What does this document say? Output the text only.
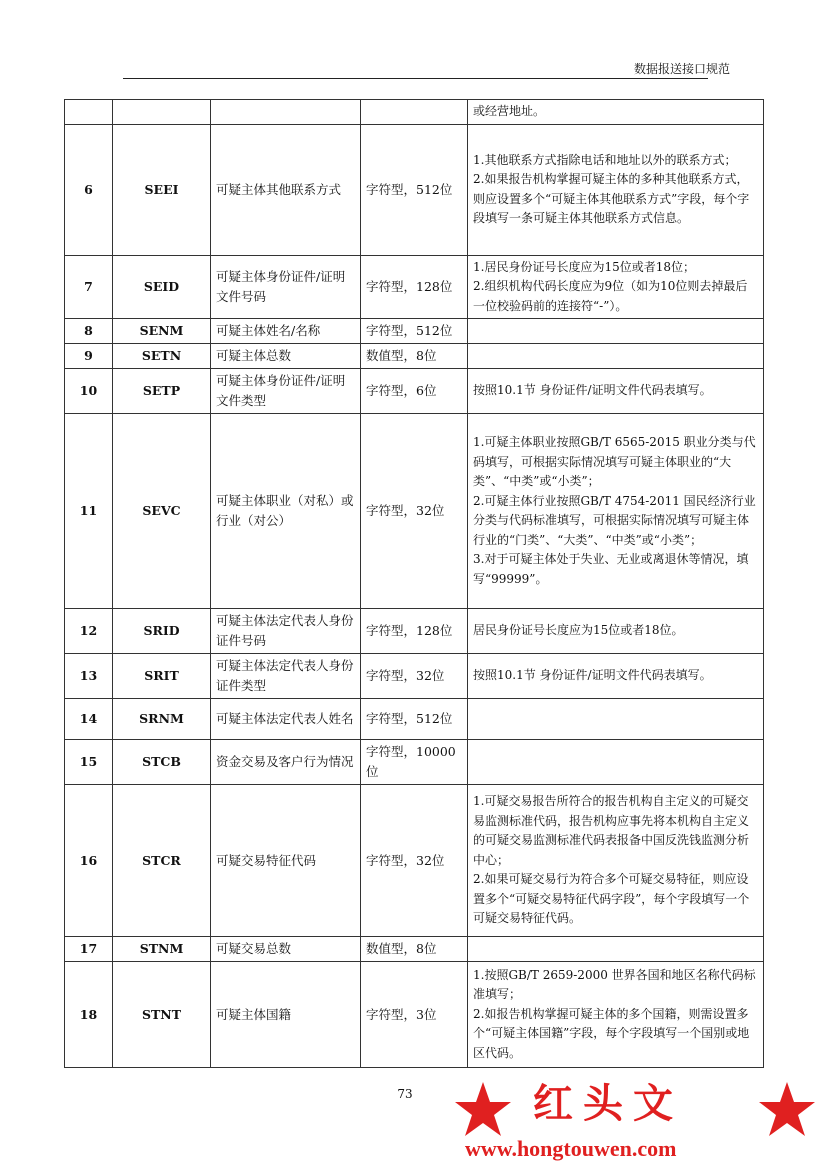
数据报送接口规范

				或经营地址。

6	SEEI	可疑主体其他联系方式	字符型，512位	1.其他联系方式指除电话和地址以外的联系方式；
2.如果报告机构掌握可疑主体的多种其他联系方式，则应设置多个“可疑主体其他联系方式”字段，每个字段填写一条可疑主体其他联系方式信息。

7	SEID	可疑主体身份证件/证明文件号码	字符型，128位	1.居民身份证号长度应为15位或者18位；
2.组织机构代码长度应为9位（如为10位则去掉最后一位校验码前的连接符“-”）。

8	SENM	可疑主体姓名/名称	字符型，512位	
9	SETN	可疑主体总数	数值型，8位	
10	SETP	可疑主体身份证件/证明文件类型	字符型，6位	按照10.1节 身份证件/证明文件代码表填写。

11	SEVC	可疑主体职业（对私）或行业（对公）	字符型，32位	1.可疑主体职业按照GB/T 6565-2015 职业分类与代码填写，可根据实际情况填写可疑主体职业的“大类”、“中类”或“小类”；
2.可疑主体行业按照GB/T 4754-2011 国民经济行业分类与代码标准填写，可根据实际情况填写可疑主体行业的“门类”、“大类”、“中类”或“小类”；
3.对于可疑主体处于失业、无业或离退休等情况，填写“99999”。

12	SRID	可疑主体法定代表人身份证件号码	字符型，128位	居民身份证号长度应为15位或者18位。

13	SRIT	可疑主体法定代表人身份证件类型	字符型，32位	按照10.1节 身份证件/证明文件代码表填写。

14	SRNM	可疑主体法定代表人姓名	字符型，512位	
15	STCB	资金交易及客户行为情况	字符型，10000位	
16	STCR	可疑交易特征代码	字符型，32位	1.可疑交易报告所符合的报告机构自主定义的可疑交易监测标准代码，报告机构应事先将本机构自主定义的可疑交易监测标准代码表报备中国反洗钱监测分析中心；
2.如果可疑交易行为符合多个可疑交易特征，则应设置多个“可疑交易特征代码字段”，每个字段填写一个可疑交易特征代码。

17	STNM	可疑交易总数	数值型，8位	
18	STNT	可疑主体国籍	字符型，3位	1.按照GB/T 2659-2000 世界各国和地区名称代码标准填写；
2.如报告机构掌握可疑主体的多个国籍，则需设置多个“可疑主体国籍”字段，每个字段填写一个国别或地区代码。
73	红头文
www.hongtouwen.com
